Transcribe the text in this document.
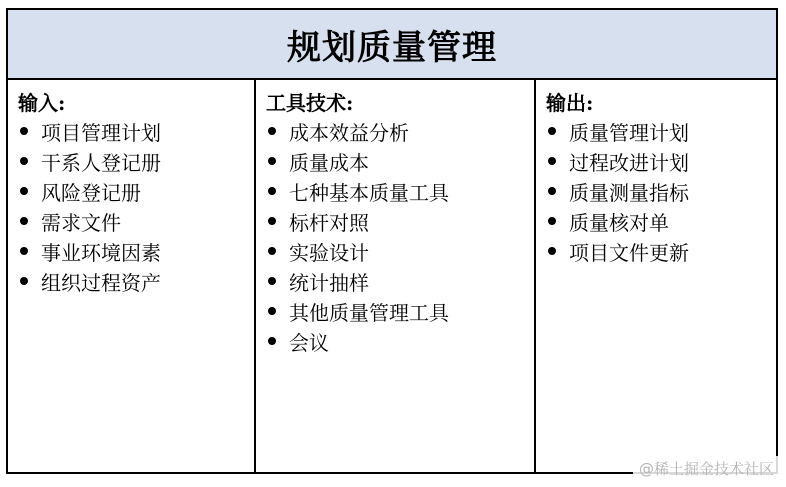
规划质量管理
输入:
项目管理计划
干系人登记册
风险登记册
需求文件
事业环境因素
组织过程资产
工具技术:
成本效益分析
质量成本
七种基本质量工具
标杆对照
实验设计
统计抽样
其他质量管理工具
会议
输出:
质量管理计划
过程改进计划
质量测量指标
质量核对单
项目文件更新
@稀土掘金技术社区
